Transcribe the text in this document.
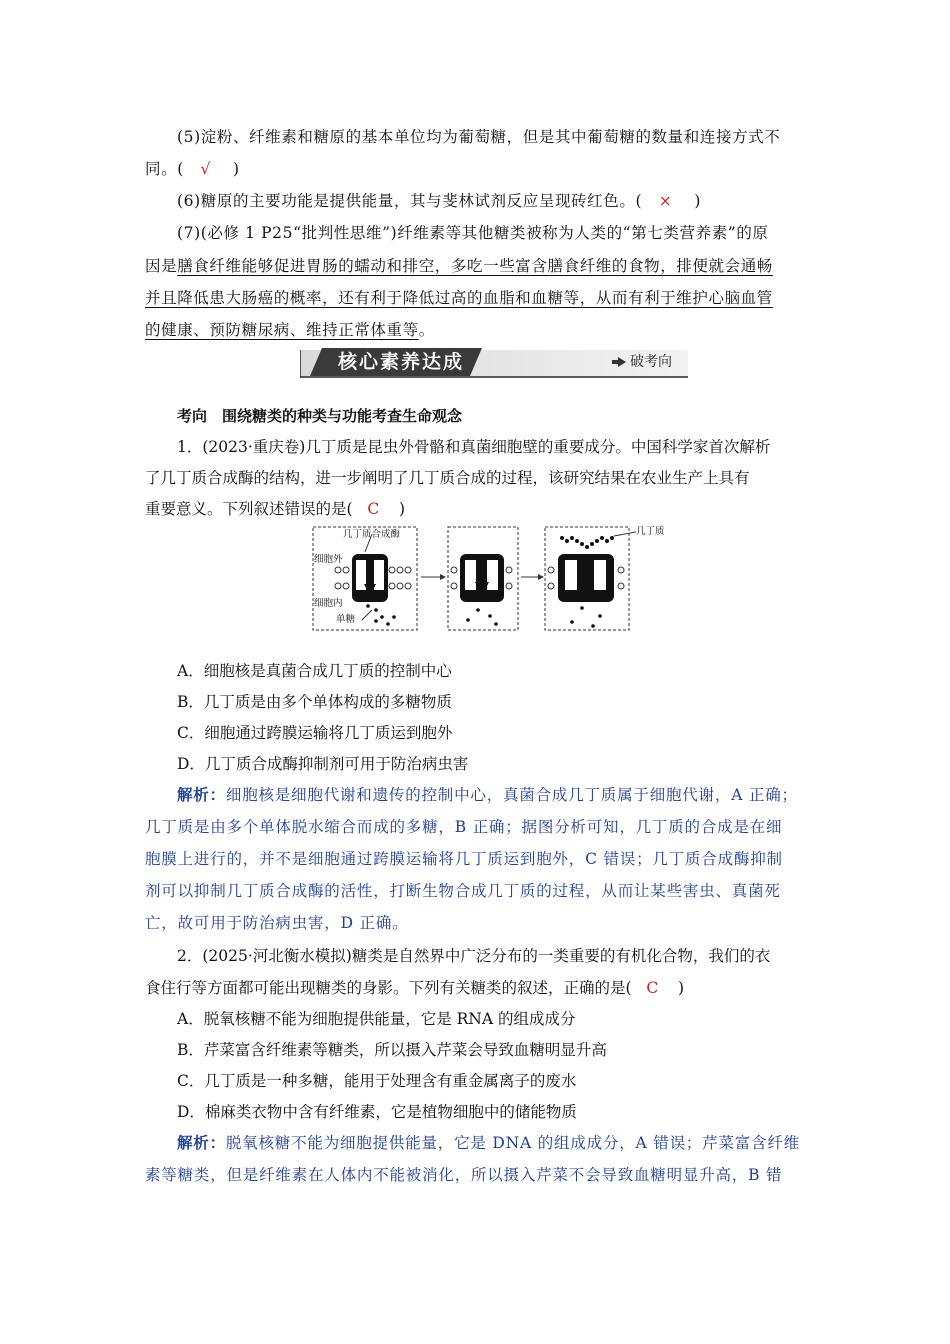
(5)淀粉、纤维素和糖原的基本单位均为葡萄糖，但是其中葡萄糖的数量和连接方式不
同。( √ )
(6)糖原的主要功能是提供能量，其与斐林试剂反应呈现砖红色。( × )
(7)(必修 1 P25“批判性思维”)纤维素等其他糖类被称为人类的“第七类营养素”的原
因是膳食纤维能够促进胃肠的蠕动和排空，多吃一些富含膳食纤维的食物，排便就会通畅
并且降低患大肠癌的概率，还有利于降低过高的血脂和血糖等，从而有利于维护心脑血管
的健康、预防糖尿病、维持正常体重等。
核心素养达成	破考向
考向　围绕糖类的种类与功能考查生命观念
1．(2023·重庆卷)几丁质是昆虫外骨骼和真菌细胞壁的重要成分。中国科学家首次解析
了几丁质合成酶的结构，进一步阐明了几丁质合成的过程，该研究结果在农业生产上具有
重要意义。下列叙述错误的是( C )
几丁质合成酶
细胞外
细胞内
单糖
几丁质
A．细胞核是真菌合成几丁质的控制中心
B．几丁质是由多个单体构成的多糖物质
C．细胞通过跨膜运输将几丁质运到胞外
D．几丁质合成酶抑制剂可用于防治病虫害
解析：细胞核是细胞代谢和遗传的控制中心，真菌合成几丁质属于细胞代谢，A 正确；
几丁质是由多个单体脱水缩合而成的多糖，B 正确；据图分析可知，几丁质的合成是在细
胞膜上进行的，并不是细胞通过跨膜运输将几丁质运到胞外，C 错误；几丁质合成酶抑制
剂可以抑制几丁质合成酶的活性，打断生物合成几丁质的过程，从而让某些害虫、真菌死
亡，故可用于防治病虫害，D 正确。
2．(2025·河北衡水模拟)糖类是自然界中广泛分布的一类重要的有机化合物，我们的衣
食住行等方面都可能出现糖类的身影。下列有关糖类的叙述，正确的是( C )
A．脱氧核糖不能为细胞提供能量，它是 RNA 的组成成分
B．芹菜富含纤维素等糖类，所以摄入芹菜会导致血糖明显升高
C．几丁质是一种多糖，能用于处理含有重金属离子的废水
D．棉麻类衣物中含有纤维素，它是植物细胞中的储能物质
解析：脱氧核糖不能为细胞提供能量，它是 DNA 的组成成分，A 错误；芹菜富含纤维
素等糖类，但是纤维素在人体内不能被消化，所以摄入芹菜不会导致血糖明显升高，B 错
